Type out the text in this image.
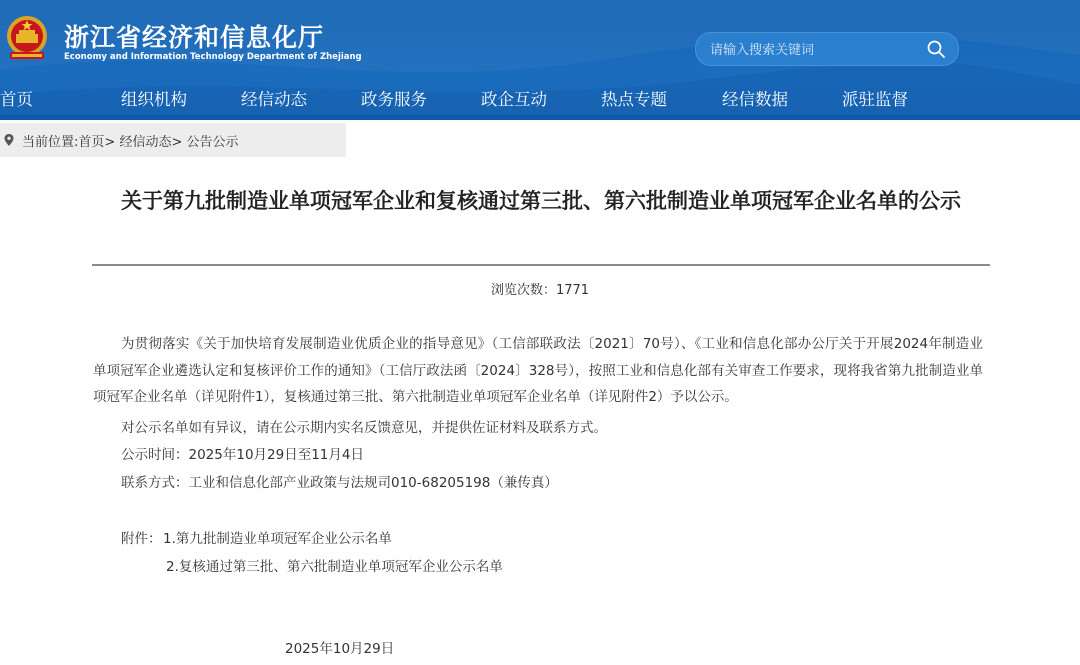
浙江省经济和信息化厅
Economy and Information Technology Department of Zhejiang
请输入搜索关键词
首页	组织机构	经信动态	政务服务	政企互动	热点专题	经信数据	派驻监督
当前位置:首页> 经信动态> 公告公示
关于第九批制造业单项冠军企业和复核通过第三批、第六批制造业单项冠军企业名单的公示
浏览次数：1771

为贯彻落实《关于加快培育发展制造业优质企业的指导意见》（工信部联政法〔2021〕70号）、《工业和信息化部办公厅关于开展2024年制造业单项冠军企业遴选认定和复核评价工作的通知》（工信厅政法函〔2024〕328号），按照工业和信息化部有关审查工作要求，现将我省第九批制造业单项冠军企业名单（详见附件1），复核通过第三批、第六批制造业单项冠军企业名单（详见附件2）予以公示。

对公示名单如有异议，请在公示期内实名反馈意见，并提供佐证材料及联系方式。
公示时间：2025年10月29日至11月4日
联系方式：工业和信息化部产业政策与法规司010-68205198（兼传真）
附件： 1.第九批制造业单项冠军企业公示名单
2.复核通过第三批、第六批制造业单项冠军企业公示名单
2025年10月29日
